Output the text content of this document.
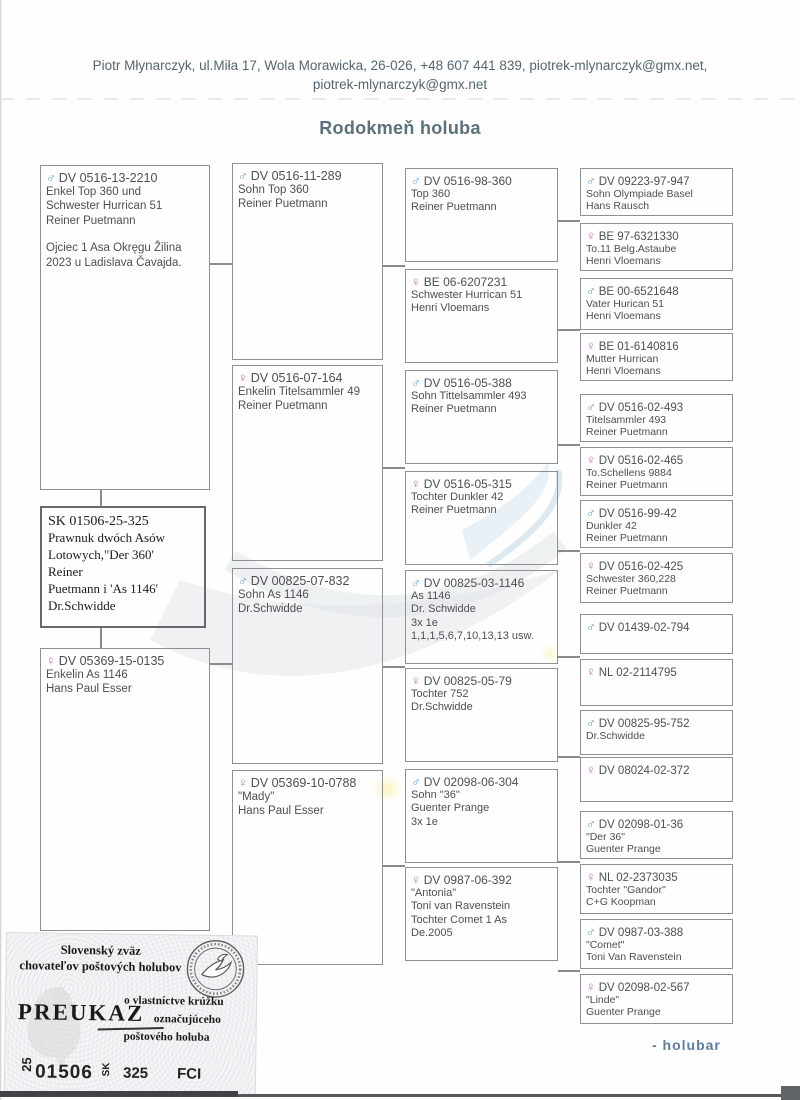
Piotr Młynarczyk, ul.Miła 17, Wola Morawicka, 26-026, +48 607 441 839, piotrek-mlynarczyk@gmx.net,
piotrek-mlynarczyk@gmx.net
Rodokmeň holuba
SK 01506-25-325
Prawnuk dwóch Asów
Lotowych,"Der 360'
Reiner
Puetmann i 'As 1146'
Dr.Schwidde
♂ DV 0516-13-2210
Enkel Top 360 und
Schwester Hurrican 51
Reiner Puetmann
Ojciec 1 Asa Okręgu Žilina
2023 u Ladislava Čavajda.
♀ DV 05369-15-0135
Enkelin As 1146
Hans Paul Esser
♂ DV 0516-11-289
Sohn Top 360
Reiner Puetmann
♀ DV 0516-07-164
Enkelin Titelsammler 49
Reiner Puetmann
♂ DV 00825-07-832
Sohn As 1146
Dr.Schwidde
♀ DV 05369-10-0788
"Mady"
Hans Paul Esser
♂ DV 0516-98-360
Top 360
Reiner Puetmann
♀ BE 06-6207231
Schwester Hurrican 51
Henri Vloemans
♂ DV 0516-05-388
Sohn Tittelsammler 493
Reiner Puetmann
♀ DV 0516-05-315
Tochter Dunkler 42
Reiner Puetmann
♂ DV 00825-03-1146
As 1146
Dr. Schwidde
3x 1e
1,1,1,5,6,7,10,13,13 usw.
♀ DV 00825-05-79
Tochter 752
Dr.Schwidde
♂ DV 02098-06-304
Sohn "36"
Guenter Prange
3x 1e
♀ DV 0987-06-392
"Antonia"
Toni van Ravenstein
Tochter Comet 1 As
De.2005
♂ DV 09223-97-947
Sohn Olympiade Basel
Hans Rausch
♀ BE 97-6321330
To.11 Belg.Astaube
Henri Vloemans
♂ BE 00-6521648
Vater Hurican 51
Henri Vloemans
♀ BE 01-6140816
Mutter Hurrican
Henri Vloemans
♂ DV 0516-02-493
Titelsammler 493
Reiner Puetmann
♀ DV 0516-02-465
To.Schellens 9884
Reiner Puetmann
♂ DV 0516-99-42
Dunkler 42
Reiner Puetmann
♀ DV 0516-02-425
Schwester 360,228
Reiner Puetmann
♂ DV 01439-02-794
♀ NL 02-2114795
♂ DV 00825-95-752
Dr.Schwidde
♀ DV 08024-02-372
♂ DV 02098-01-36
"Der 36"
Guenter Prange
♀ NL 02-2373035
Tochter "Gandor"
C+G Koopman
♂ DV 0987-03-388
"Comet"
Toni Van Ravenstein
♀ DV 02098-02-567
"Linde"
Guenter Prange
Slovenský zväz
chovateľov poštových holubov
PREUKAZ
o vlastníctve krúžku
označujúceho
poštového holuba
25 01506 SK 325 FCI
- holubar
